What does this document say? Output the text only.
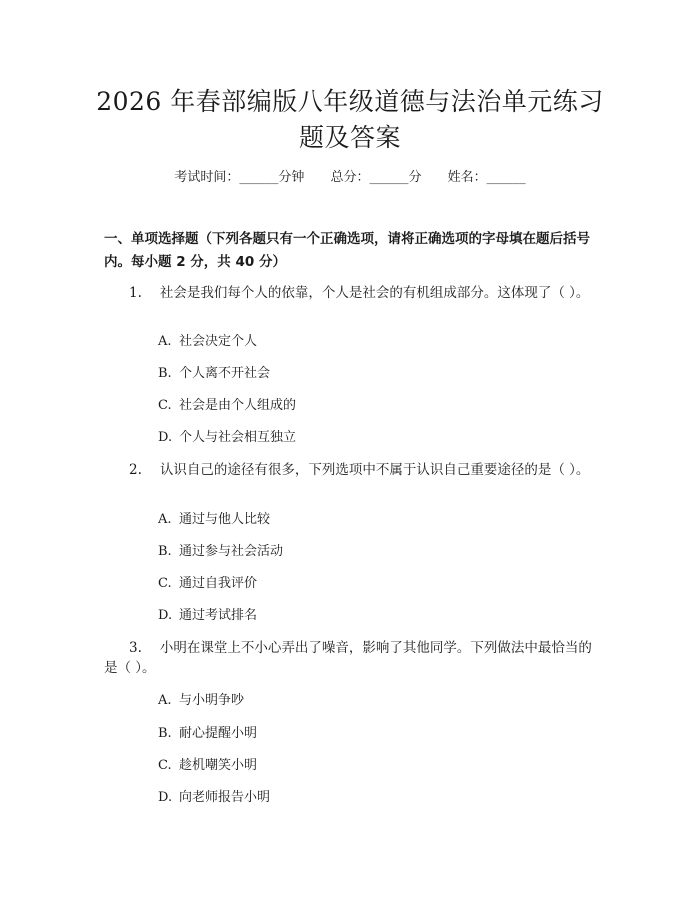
2026 年春部编版八年级道德与法治单元练习
题及答案
考试时间：______分钟 总分：______分 姓名：______
一、单项选择题（下列各题只有一个正确选项，请将正确选项的字母填在题后括号内。每小题 2 分，共 40 分）
1. 社会是我们每个人的依靠，个人是社会的有机组成部分。这体现了（ ）。
A. 社会决定个人
B. 个人离不开社会
C. 社会是由个人组成的
D. 个人与社会相互独立
2. 认识自己的途径有很多，下列选项中不属于认识自己重要途径的是（ ）。
A. 通过与他人比较
B. 通过参与社会活动
C. 通过自我评价
D. 通过考试排名
3. 小明在课堂上不小心弄出了噪音，影响了其他同学。下列做法中最恰当的是（ ）。
A. 与小明争吵
B. 耐心提醒小明
C. 趁机嘲笑小明
D. 向老师报告小明
